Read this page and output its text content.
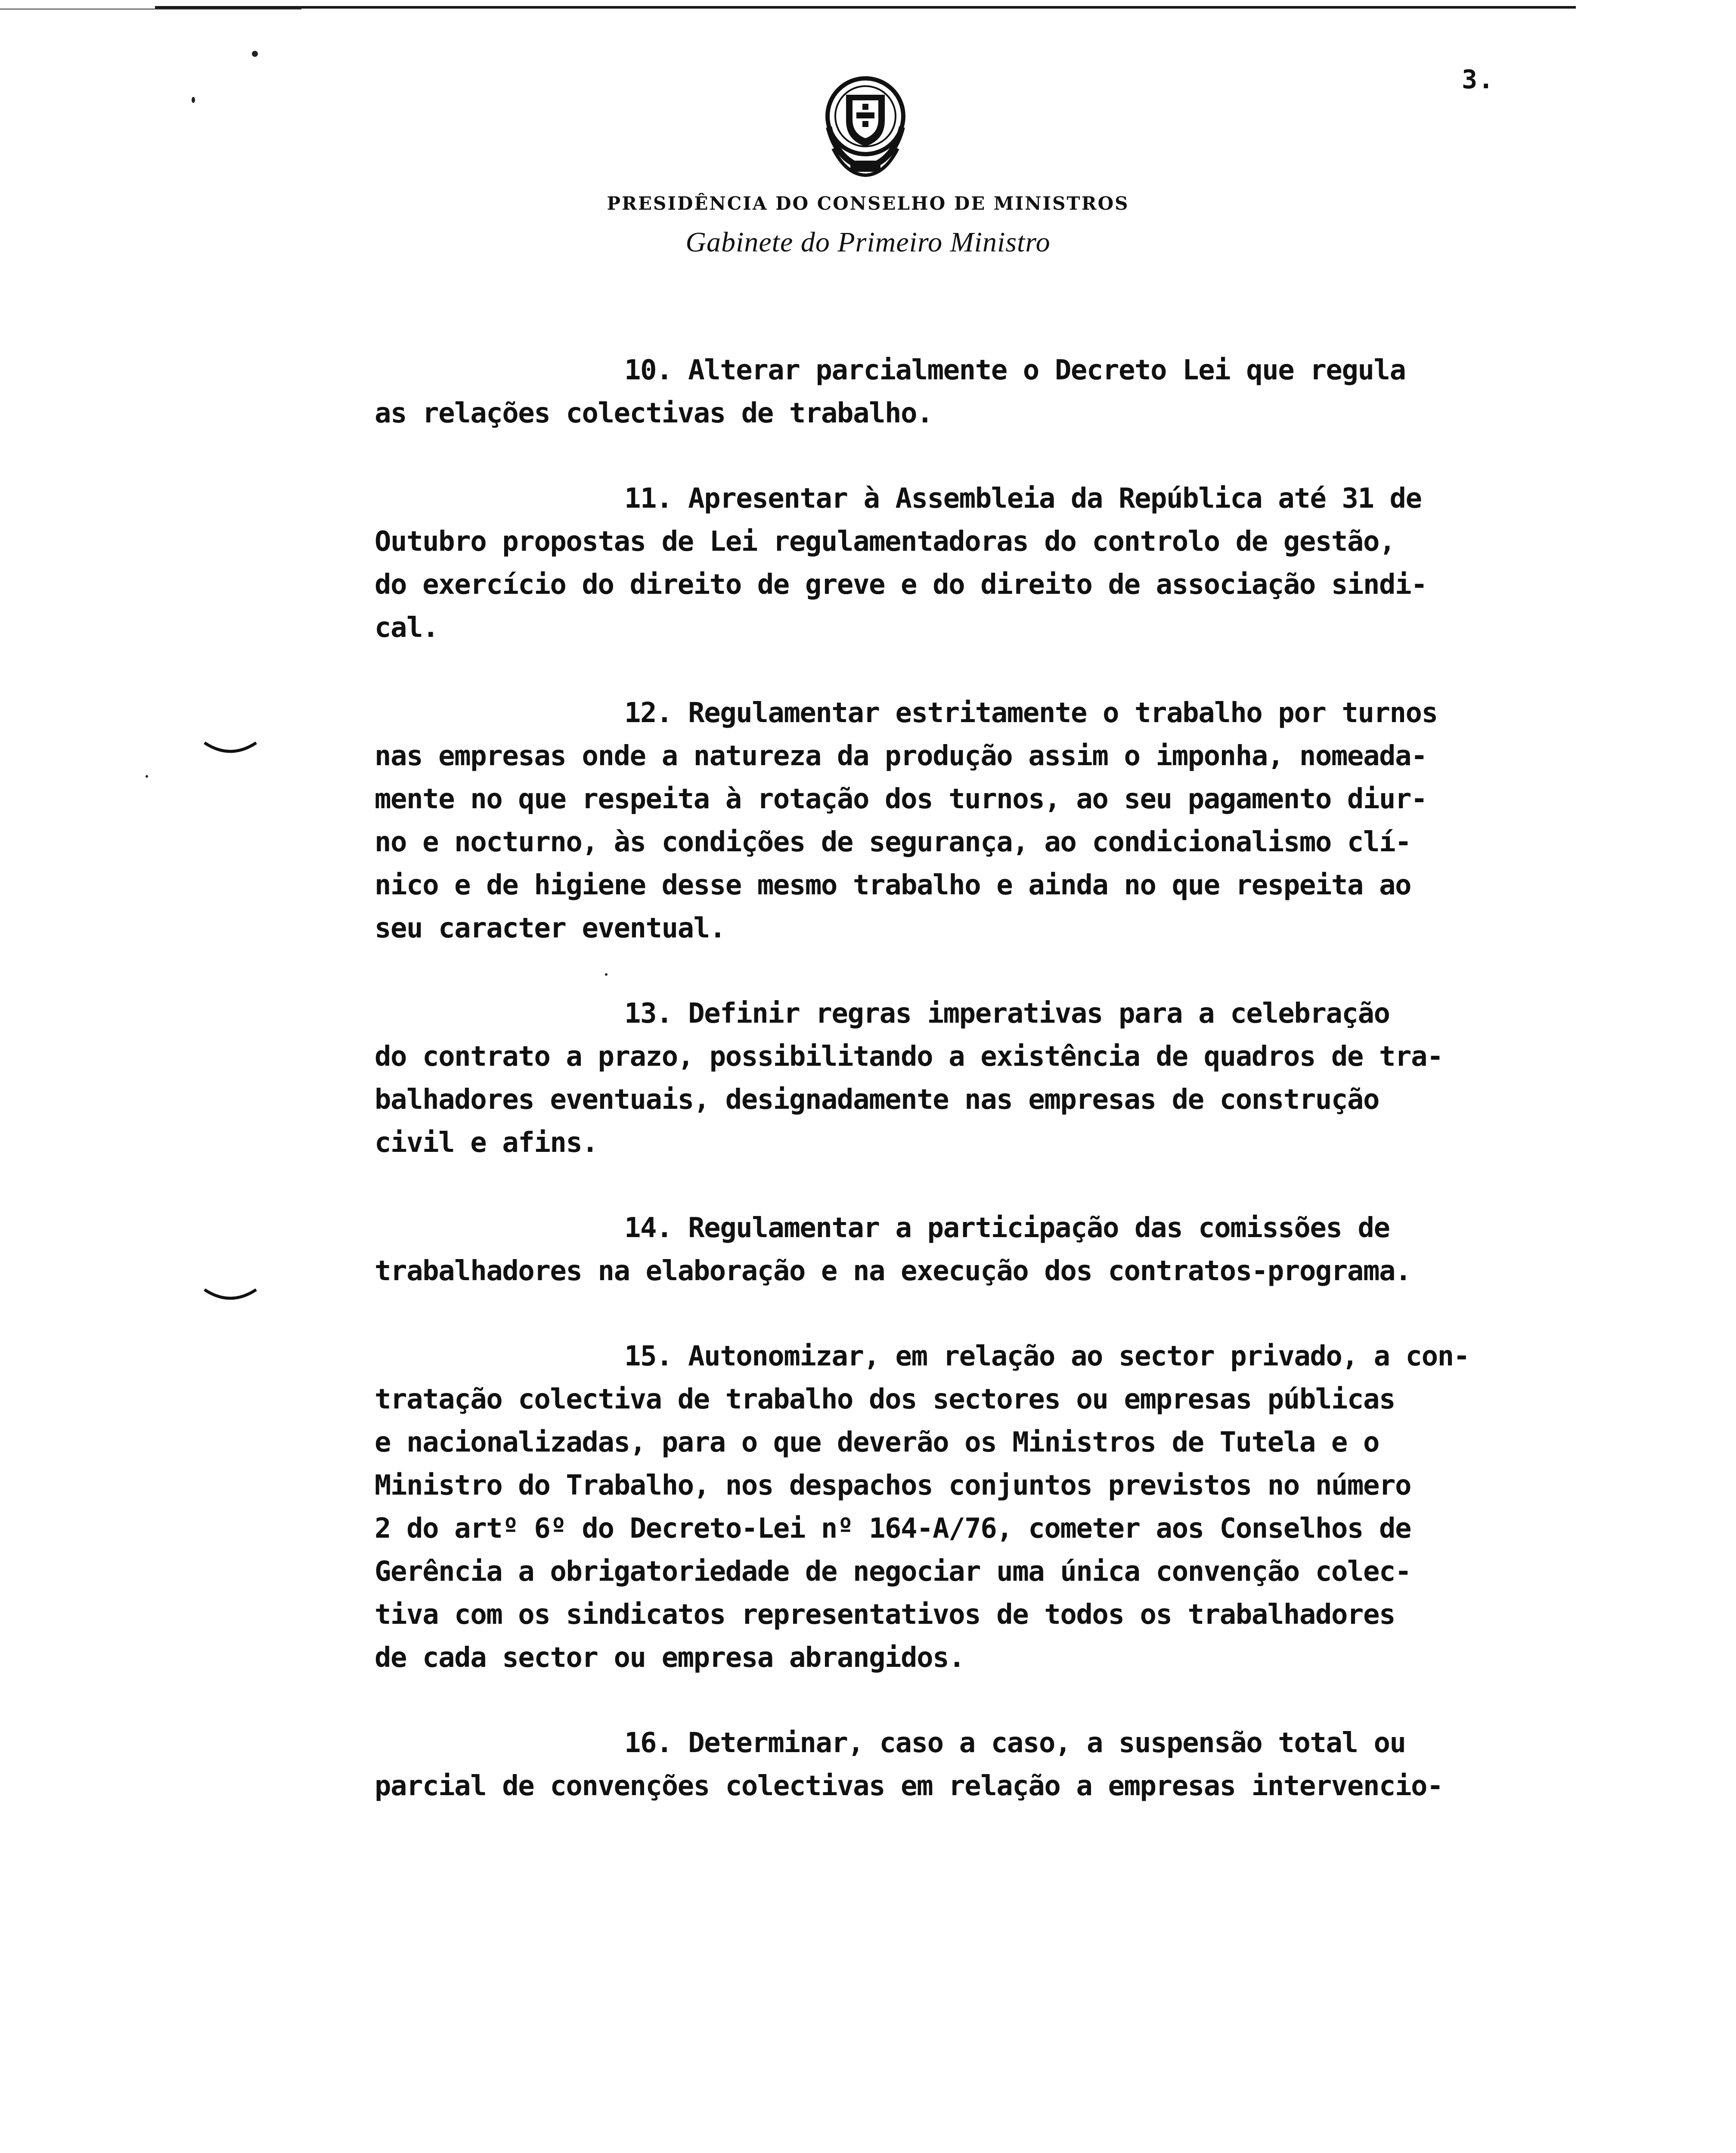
3.
PRESIDÊNCIA DO CONSELHO DE MINISTROS
Gabinete do Primeiro Ministro
10. Alterar parcialmente o Decreto Lei que regula
as relações colectivas de trabalho.
11. Apresentar à Assembleia da República até 31 de
Outubro propostas de Lei regulamentadoras do controlo de gestão,
do exercício do direito de greve e do direito de associação sindi-
cal.
12. Regulamentar estritamente o trabalho por turnos
nas empresas onde a natureza da produção assim o imponha, nomeada-
mente no que respeita à rotação dos turnos, ao seu pagamento diur-
no e nocturno, às condições de segurança, ao condicionalismo clí-
nico e de higiene desse mesmo trabalho e ainda no que respeita ao
seu caracter eventual.
13. Definir regras imperativas para a celebração
do contrato a prazo, possibilitando a existência de quadros de tra-
balhadores eventuais, designadamente nas empresas de construção
civil e afins.
14. Regulamentar a participação das comissões de
trabalhadores na elaboração e na execução dos contratos-programa.
15. Autonomizar, em relação ao sector privado, a con-
tratação colectiva de trabalho dos sectores ou empresas públicas
e nacionalizadas, para o que deverão os Ministros de Tutela e o
Ministro do Trabalho, nos despachos conjuntos previstos no número
2 do artº 6º do Decreto-Lei nº 164-A/76, cometer aos Conselhos de
Gerência a obrigatoriedade de negociar uma única convenção colec-
tiva com os sindicatos representativos de todos os trabalhadores
de cada sector ou empresa abrangidos.
16. Determinar, caso a caso, a suspensão total ou
parcial de convenções colectivas em relação a empresas intervencio-
